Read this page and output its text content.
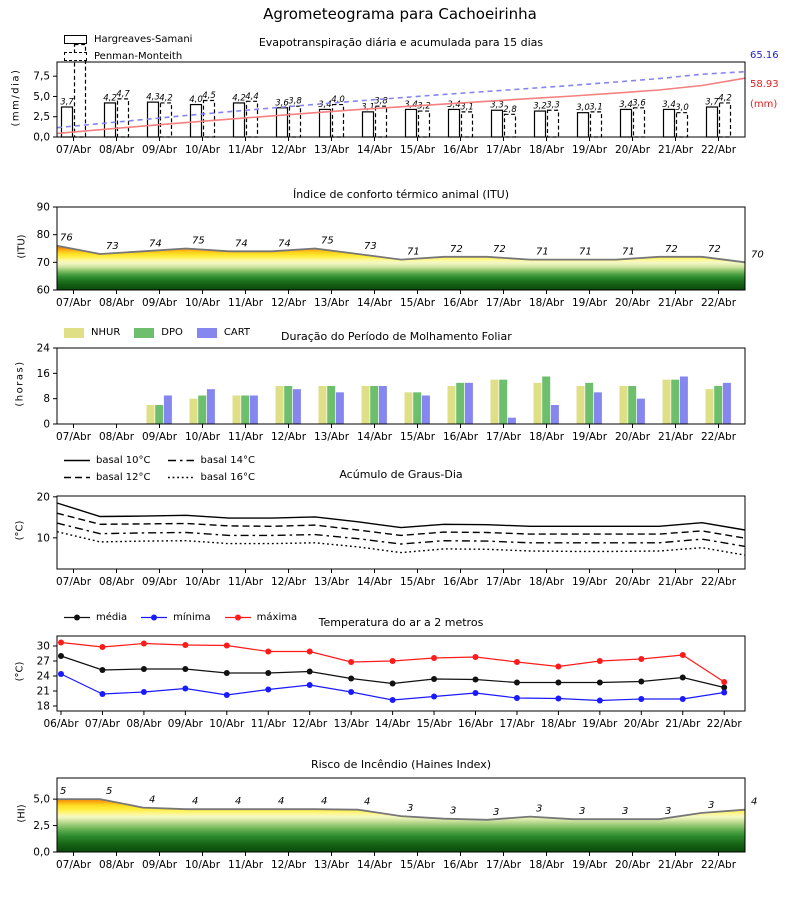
Agrometeograma para Cachoeirinha
3,7	4,2	4,3	4,0	4,2	3,6	3,4	3,1	3,4	3,4	3,3	3,2	3,0	3,4	3,4	3,7
4,7	4,2	4,5	4,4	3,8	4,0	3,8	3,2	3,1	2,8	3,3	3,1	3,6	3,0
4,2
0,0
2,5
5,0
7,5
07/Abr 08/Abr 09/Abr 10/Abr 11/Abr 12/Abr 13/Abr 14/Abr 15/Abr 16/Abr 17/Abr 18/Abr 19/Abr 20/Abr 21/Abr 22/Abr
76
73	74	75	74	74	75
73
71	72	72	71	71	71	72	72
70
60
70
80
90
07/Abr 08/Abr 09/Abr 10/Abr 11/Abr 12/Abr 13/Abr 14/Abr 15/Abr 16/Abr 17/Abr 18/Abr 19/Abr 20/Abr 21/Abr 22/Abr
0
8
16
24
07/Abr 08/Abr 09/Abr 10/Abr 11/Abr 12/Abr 13/Abr 14/Abr 15/Abr 16/Abr 17/Abr 18/Abr 19/Abr 20/Abr 21/Abr 22/Abr
10
20
07/Abr 08/Abr 09/Abr 10/Abr 11/Abr 12/Abr 13/Abr 14/Abr 15/Abr 16/Abr 17/Abr 18/Abr 19/Abr 20/Abr 21/Abr 22/Abr
18
21
24
27
30
06/Abr 07/Abr 08/Abr 09/Abr 10/Abr 11/Abr 12/Abr 13/Abr 14/Abr 15/Abr 16/Abr 17/Abr 18/Abr 19/Abr 20/Abr 21/Abr 22/Abr
5	5
4	4	4	4	4	4
3	3	3	3	3	3	3
3	4
0,0
2,5
5,0
07/Abr 08/Abr 09/Abr 10/Abr 11/Abr 12/Abr 13/Abr 14/Abr 15/Abr 16/Abr 17/Abr 18/Abr 19/Abr 20/Abr 21/Abr 22/Abr
Evapotranspiração diária e acumulada para 15 dias
Hargreaves-Samani
Penman-Monteith
(mm/dia)
65.16
58.93
(mm)
Índice de conforto térmico animal (ITU)
(ITU)
Duração do Período de Molhamento Foliar
NHUR	DPO	CART
(horas)
Acúmulo de Graus-Dia
basal 10°C	basal 14°C
basal 12°C	basal 16°C
(°C)
Temperatura do ar a 2 metros
média	mínima	máxima
(°C)
Risco de Incêndio (Haines Index)
(HI)
